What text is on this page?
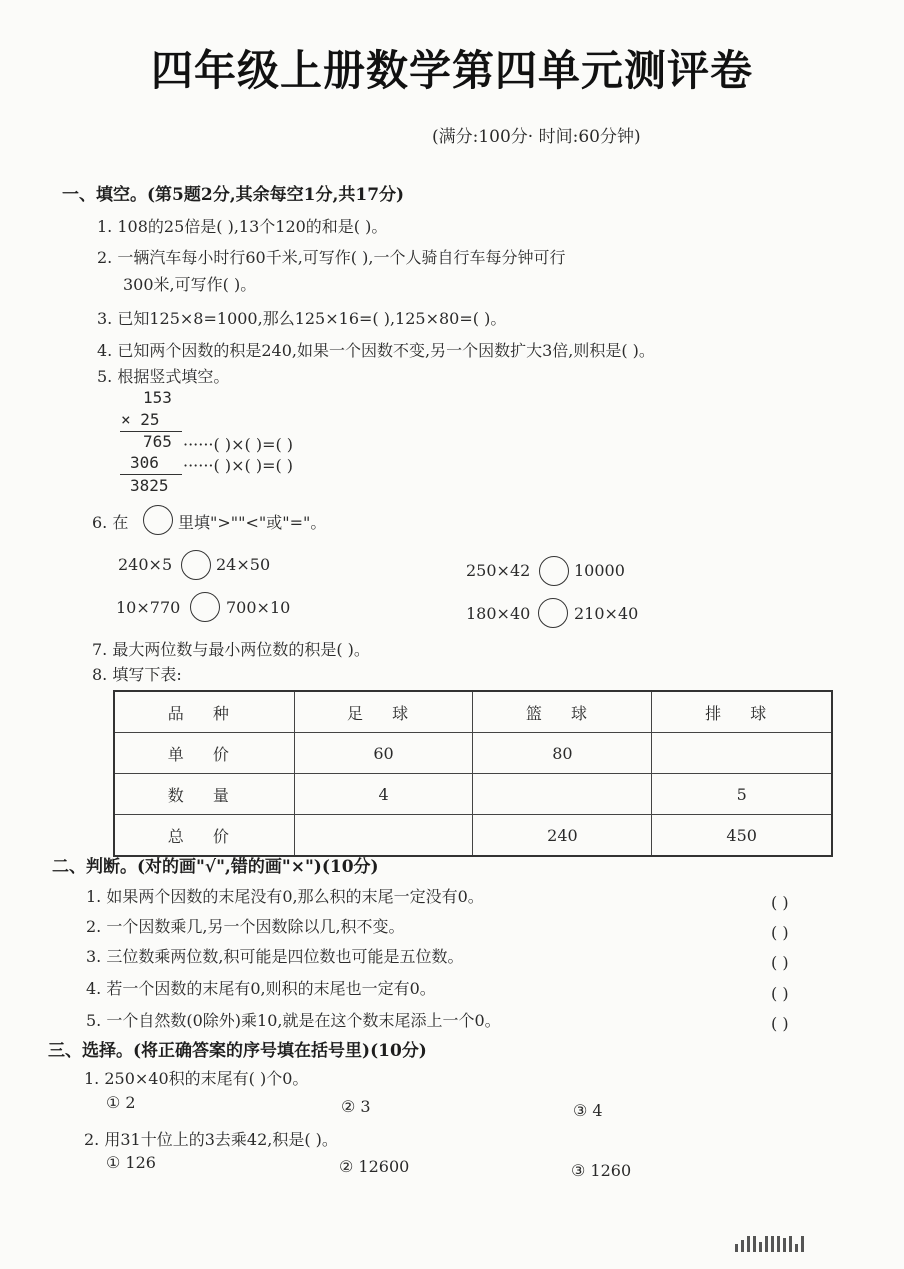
四年级上册数学第四单元测评卷
(满分:100分· 时间:60分钟)
一、填空。(第5题2分,其余每空1分,共17分)
1. 108的25倍是( ),13个120的和是( )。
2. 一辆汽车每小时行60千米,可写作( ),一个人骑自行车每分钟可行
300米,可写作( )。
3. 已知125×8=1000,那么125×16=( ),125×80=( )。
4. 已知两个因数的积是240,如果一个因数不变,另一个因数扩大3倍,则积是( )。
5. 根据竖式填空。
153
× 25
765 ······( )×( )=( )
306 ······( )×( )=( )
3825
6. 在	里填">""<"或"="。
240×5	24×50	250×42	10000
10×770	700×10	180×40	210×40
7. 最大两位数与最小两位数的积是( )。
8. 填写下表:
品 种	足 球	篮 球	排 球
单 价	60	80	
数 量	4		5
总 价		240	450
二、判断。(对的画"√",错的画"×")(10分)
1. 如果两个因数的末尾没有0,那么积的末尾一定没有0。	( )
2. 一个因数乘几,另一个因数除以几,积不变。	( )
3. 三位数乘两位数,积可能是四位数也可能是五位数。	( )
4. 若一个因数的末尾有0,则积的末尾也一定有0。	( )
5. 一个自然数(0除外)乘10,就是在这个数末尾添上一个0。	( )
三、选择。(将正确答案的序号填在括号里)(10分)
1. 250×40积的末尾有( )个0。
① 2	② 3	③ 4
2. 用31十位上的3去乘42,积是( )。
① 126	② 12600	③ 1260
